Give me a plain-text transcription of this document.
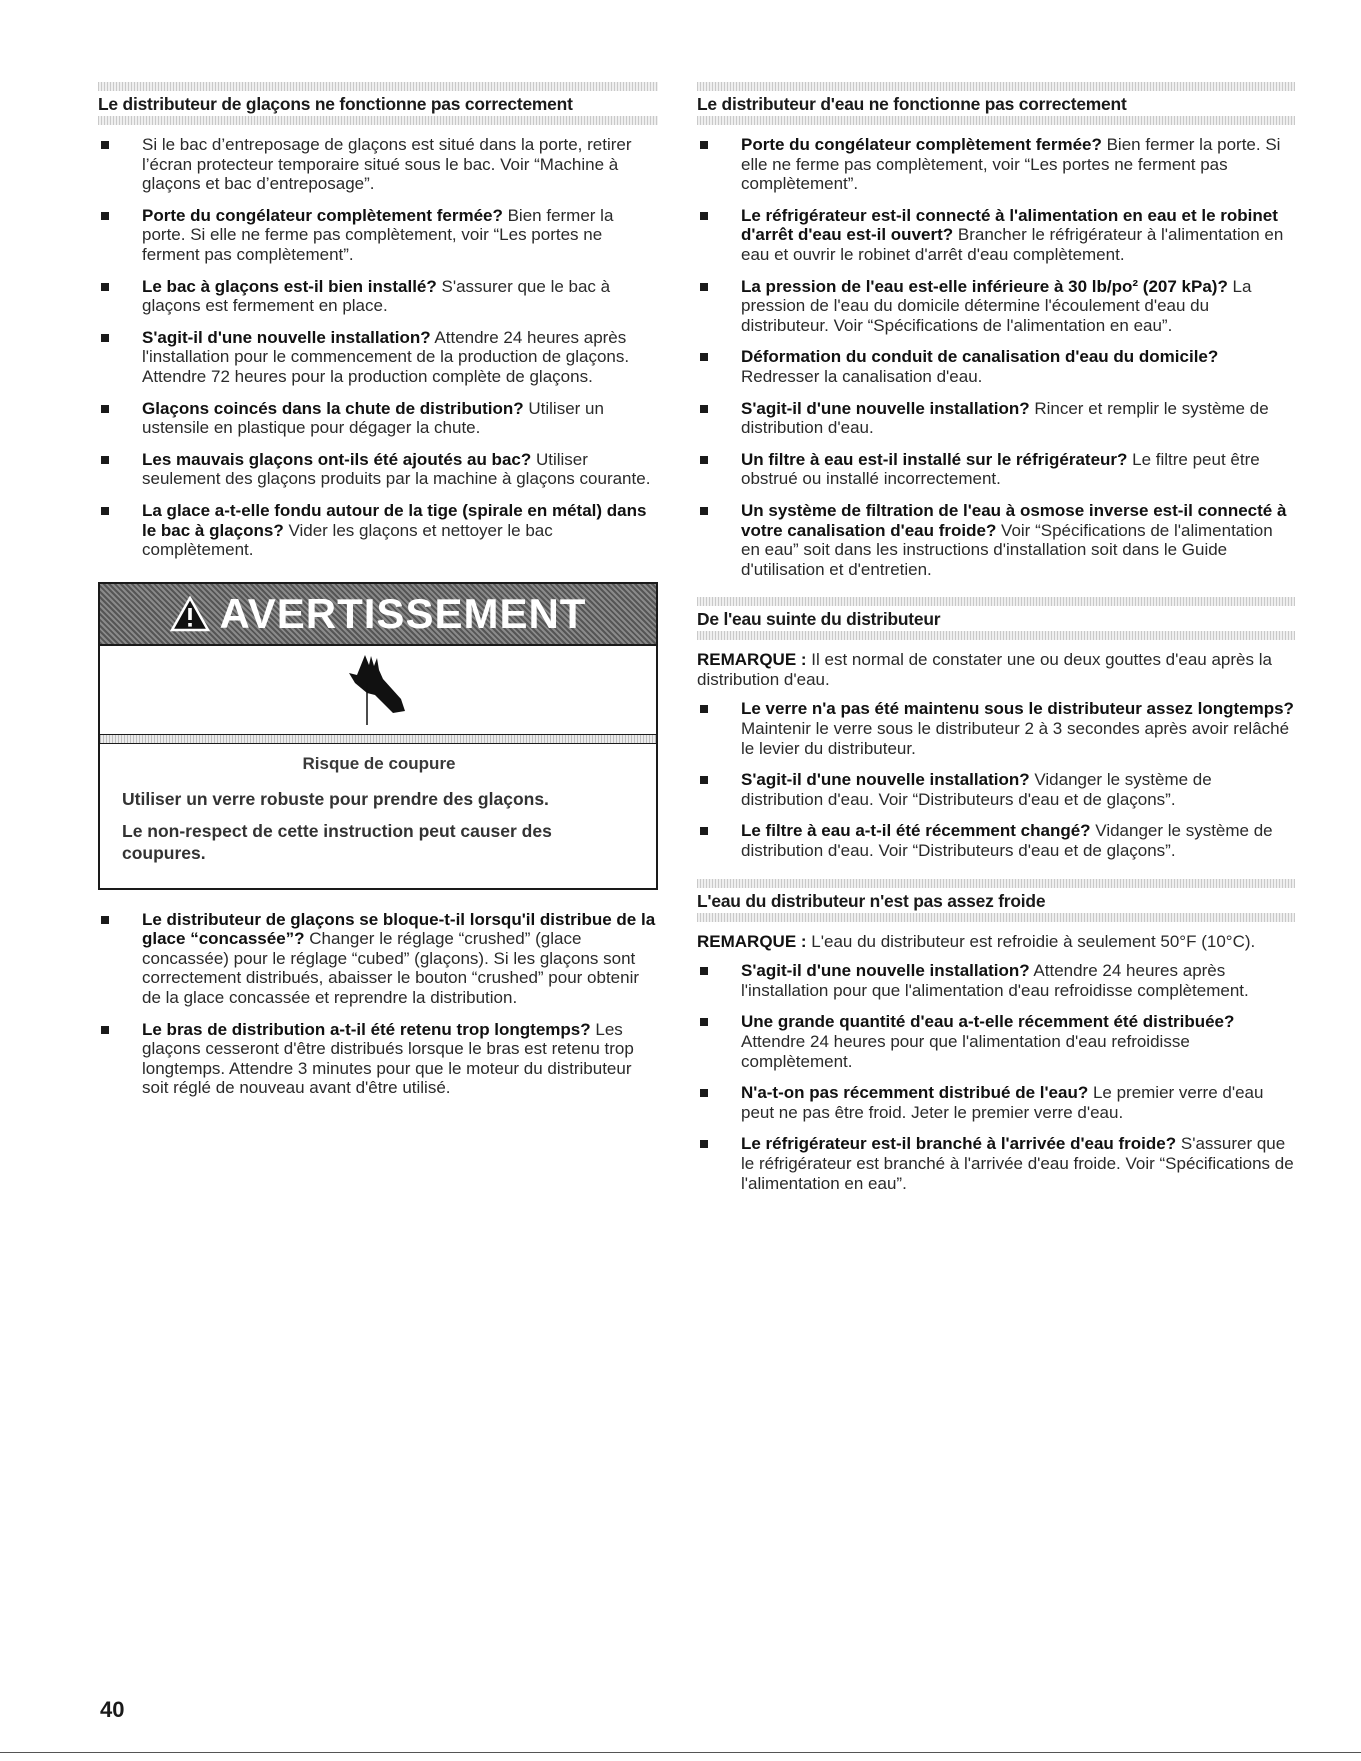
Le distributeur de glaçons ne fonctionne pas correctement
Si le bac d’entreposage de glaçons est situé dans la porte, retirer l’écran protecteur temporaire situé sous le bac. Voir “Machine à glaçons et bac d’entreposage”.
Porte du congélateur complètement fermée? Bien fermer la porte. Si elle ne ferme pas complètement, voir “Les portes ne ferment pas complètement”.
Le bac à glaçons est-il bien installé? S'assurer que le bac à glaçons est fermement en place.
S'agit-il d'une nouvelle installation? Attendre 24 heures après l'installation pour le commencement de la production de glaçons. Attendre 72 heures pour la production complète de glaçons.
Glaçons coincés dans la chute de distribution? Utiliser un ustensile en plastique pour dégager la chute.
Les mauvais glaçons ont-ils été ajoutés au bac? Utiliser seulement des glaçons produits par la machine à glaçons courante.
La glace a-t-elle fondu autour de la tige (spirale en métal) dans le bac à glaçons? Vider les glaçons et nettoyer le bac complètement.
AVERTISSEMENT
Risque de coupure
Utiliser un verre robuste pour prendre des glaçons.
Le non-respect de cette instruction peut causer des coupures.
Le distributeur de glaçons se bloque-t-il lorsqu'il distribue de la glace “concassée”? Changer le réglage “crushed” (glace concassée) pour le réglage “cubed” (glaçons). Si les glaçons sont correctement distribués, abaisser le bouton “crushed” pour obtenir de la glace concassée et reprendre la distribution.
Le bras de distribution a-t-il été retenu trop longtemps? Les glaçons cesseront d'être distribués lorsque le bras est retenu trop longtemps. Attendre 3 minutes pour que le moteur du distributeur soit réglé de nouveau avant d'être utilisé.
Le distributeur d'eau ne fonctionne pas correctement
Porte du congélateur complètement fermée? Bien fermer la porte. Si elle ne ferme pas complètement, voir “Les portes ne ferment pas complètement”.
Le réfrigérateur est-il connecté à l'alimentation en eau et le robinet d'arrêt d'eau est-il ouvert? Brancher le réfrigérateur à l'alimentation en eau et ouvrir le robinet d'arrêt d'eau complètement.
La pression de l'eau est-elle inférieure à 30 lb/po² (207 kPa)? La pression de l'eau du domicile détermine l'écoulement d'eau du distributeur. Voir “Spécifications de l'alimentation en eau”.
Déformation du conduit de canalisation d'eau du domicile? Redresser la canalisation d'eau.
S'agit-il d'une nouvelle installation? Rincer et remplir le système de distribution d'eau.
Un filtre à eau est-il installé sur le réfrigérateur? Le filtre peut être obstrué ou installé incorrectement.
Un système de filtration de l'eau à osmose inverse est-il connecté à votre canalisation d'eau froide? Voir “Spécifications de l'alimentation en eau” soit dans les instructions d'installation soit dans le Guide d'utilisation et d'entretien.
De l'eau suinte du distributeur
REMARQUE : Il est normal de constater une ou deux gouttes d'eau après la distribution d'eau.
Le verre n'a pas été maintenu sous le distributeur assez longtemps? Maintenir le verre sous le distributeur 2 à 3 secondes après avoir relâché le levier du distributeur.
S'agit-il d'une nouvelle installation? Vidanger le système de distribution d'eau. Voir “Distributeurs d'eau et de glaçons”.
Le filtre à eau a-t-il été récemment changé? Vidanger le système de distribution d'eau. Voir “Distributeurs d'eau et de glaçons”.
L'eau du distributeur n'est pas assez froide
REMARQUE : L'eau du distributeur est refroidie à seulement 50°F (10°C).
S'agit-il d'une nouvelle installation? Attendre 24 heures après l'installation pour que l'alimentation d'eau refroidisse complètement.
Une grande quantité d'eau a-t-elle récemment été distribuée? Attendre 24 heures pour que l'alimentation d'eau refroidisse complètement.
N'a-t-on pas récemment distribué de l'eau? Le premier verre d'eau peut ne pas être froid. Jeter le premier verre d'eau.
Le réfrigérateur est-il branché à l'arrivée d'eau froide? S'assurer que le réfrigérateur est branché à l'arrivée d'eau froide. Voir “Spécifications de l'alimentation en eau”.
40
